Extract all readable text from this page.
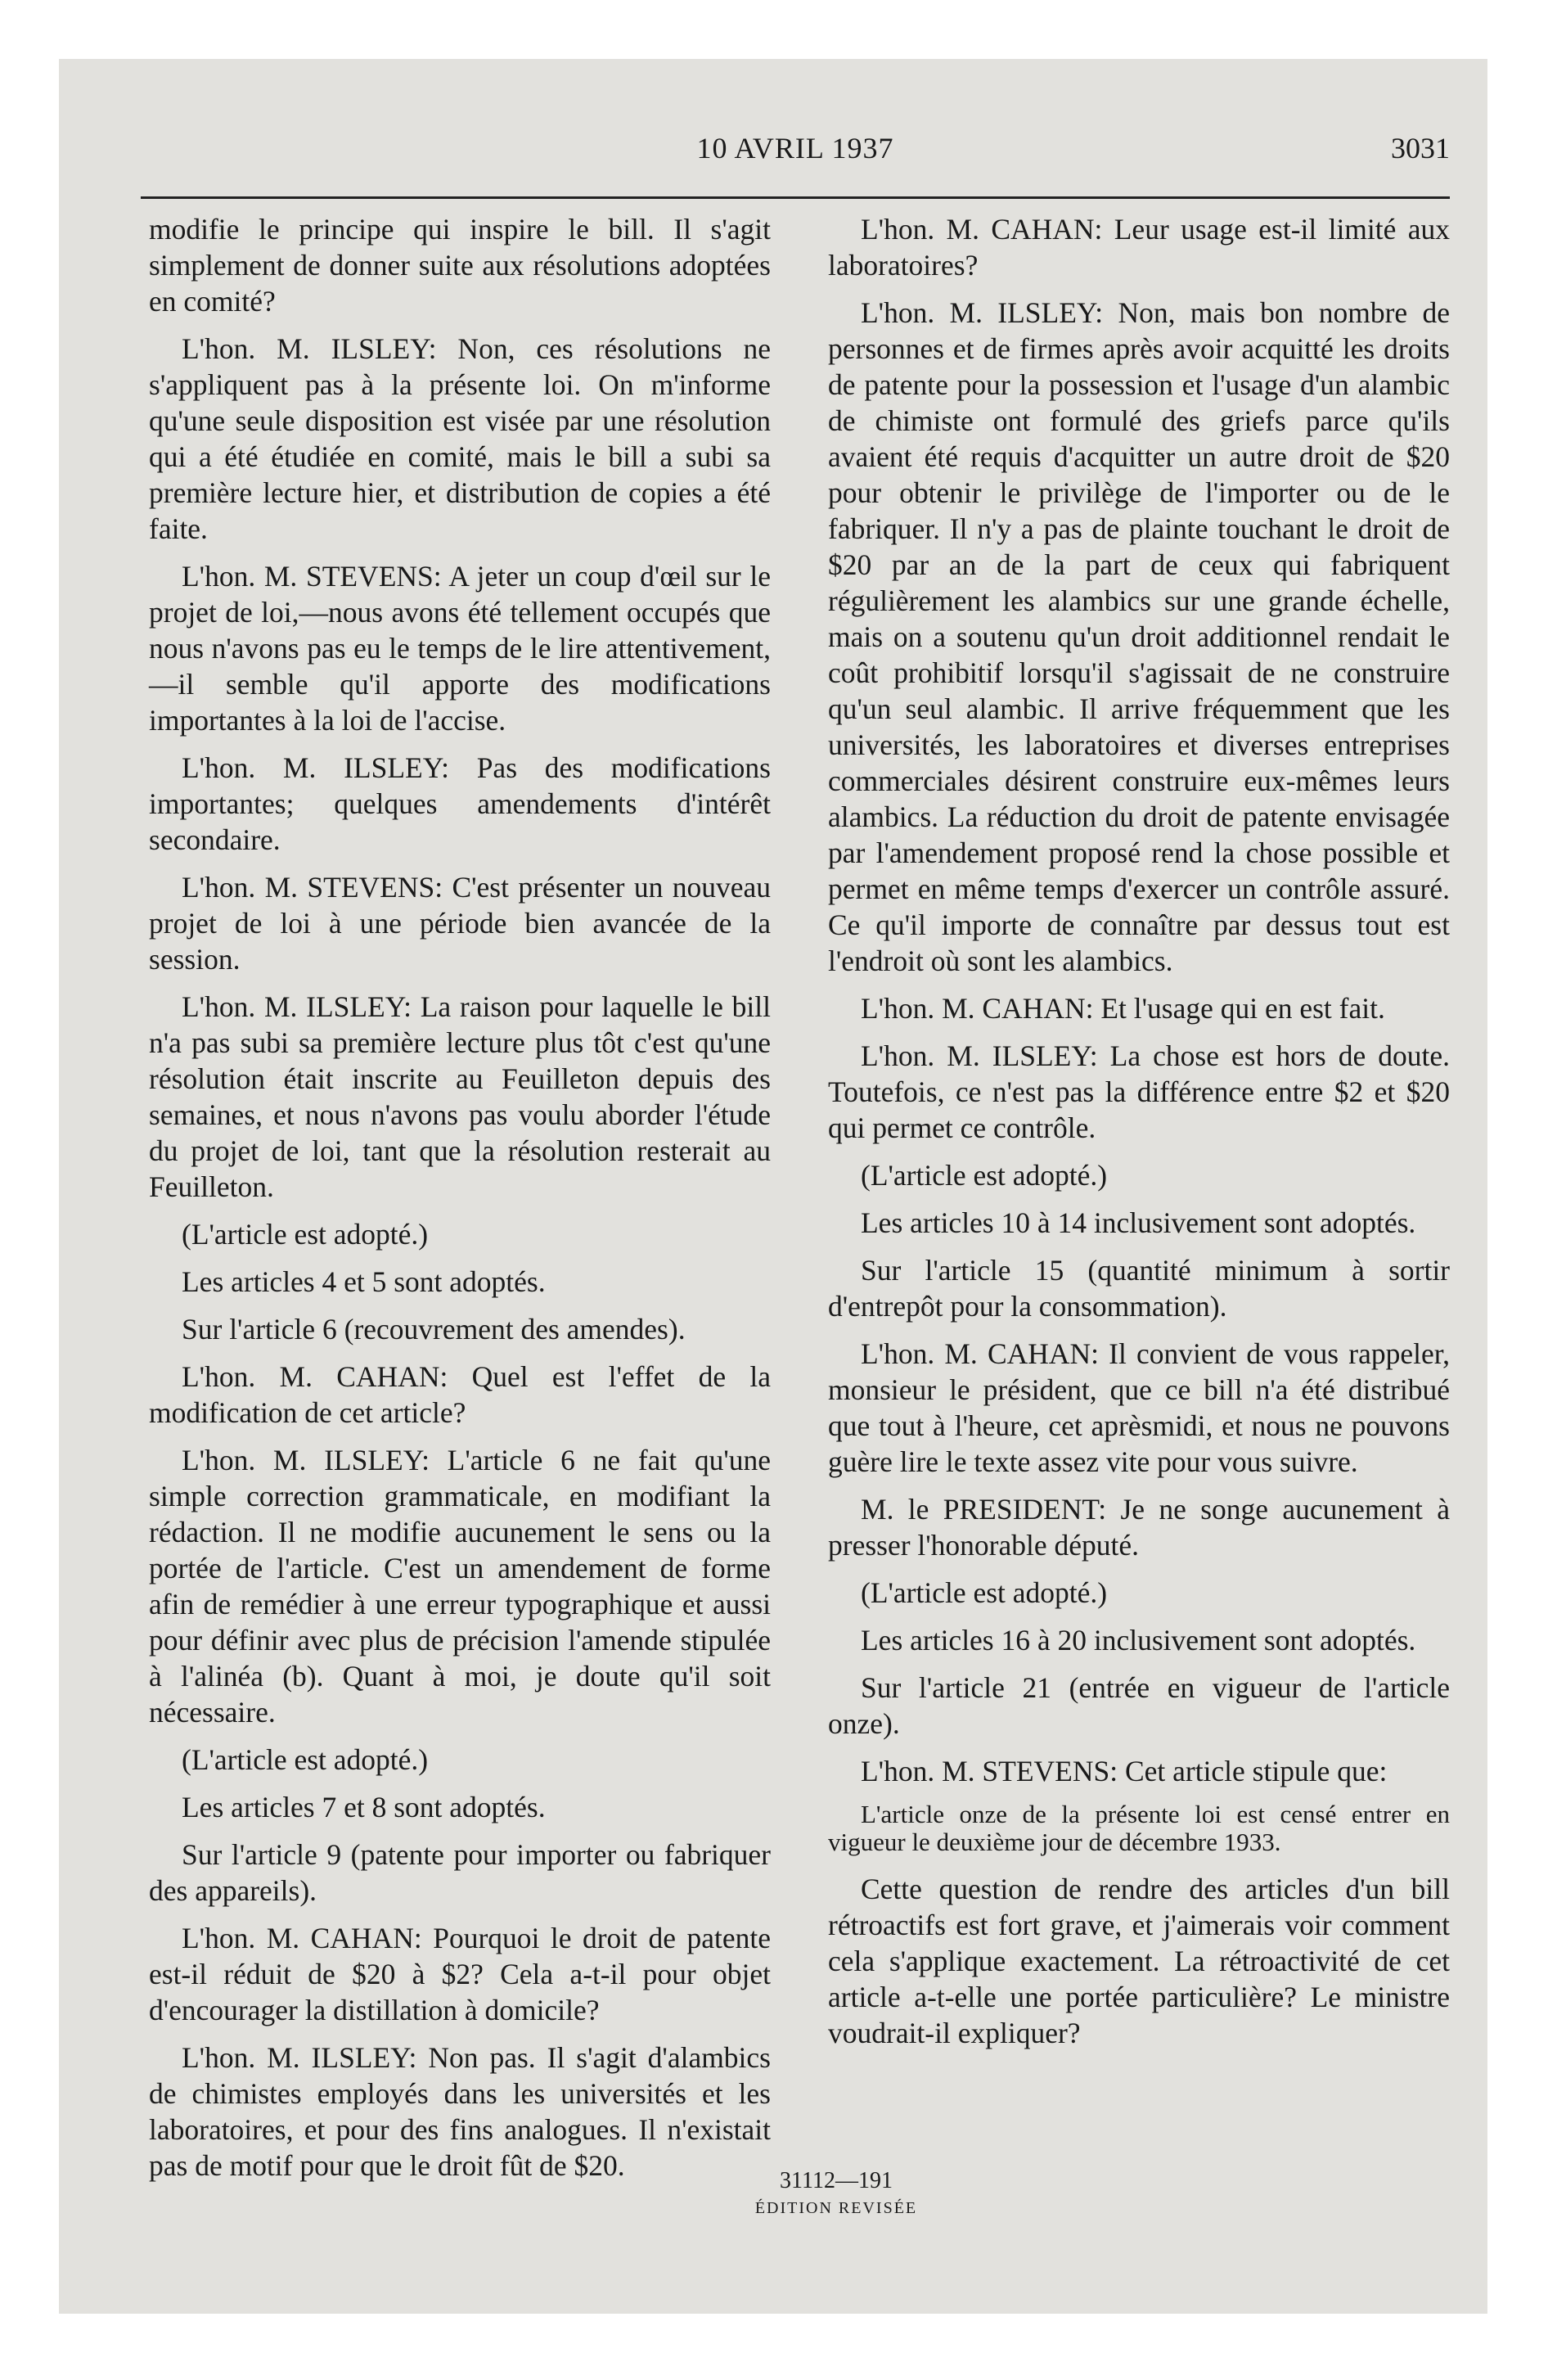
10 AVRIL 1937	3031

modifie le principe qui inspire le bill. Il s'agit simplement de donner suite aux résolutions adoptées en comité?

L'hon. M. ILSLEY: Non, ces résolutions ne s'appliquent pas à la présente loi. On m'informe qu'une seule disposition est visée par une résolution qui a été étudiée en comité, mais le bill a subi sa première lecture hier, et distribution de copies a été faite.

L'hon. M. STEVENS: A jeter un coup d'œil sur le projet de loi,—nous avons été tellement occupés que nous n'avons pas eu le temps de le lire attentivement,—il semble qu'il apporte des modifications importantes à la loi de l'accise.

L'hon. M. ILSLEY: Pas des modifications importantes; quelques amendements d'intérêt secondaire.

L'hon. M. STEVENS: C'est présenter un nouveau projet de loi à une période bien avancée de la session.

L'hon. M. ILSLEY: La raison pour laquelle le bill n'a pas subi sa première lecture plus tôt c'est qu'une résolution était inscrite au Feuilleton depuis des semaines, et nous n'avons pas voulu aborder l'étude du projet de loi, tant que la résolution resterait au Feuilleton.

(L'article est adopté.)

Les articles 4 et 5 sont adoptés.

Sur l'article 6 (recouvrement des amendes).

L'hon. M. CAHAN: Quel est l'effet de la modification de cet article?

L'hon. M. ILSLEY: L'article 6 ne fait qu'une simple correction grammaticale, en modifiant la rédaction. Il ne modifie aucunement le sens ou la portée de l'article. C'est un amendement de forme afin de remédier à une erreur typographique et aussi pour définir avec plus de précision l'amende stipulée à l'alinéa (b). Quant à moi, je doute qu'il soit nécessaire.

(L'article est adopté.)

Les articles 7 et 8 sont adoptés.

Sur l'article 9 (patente pour importer ou fabriquer des appareils).

L'hon. M. CAHAN: Pourquoi le droit de patente est-il réduit de $20 à $2? Cela a-t-il pour objet d'encourager la distillation à domicile?

L'hon. M. ILSLEY: Non pas. Il s'agit d'alambics de chimistes employés dans les universités et les laboratoires, et pour des fins analogues. Il n'existait pas de motif pour que le droit fût de $20.

L'hon. M. CAHAN: Leur usage est-il limité aux laboratoires?

L'hon. M. ILSLEY: Non, mais bon nombre de personnes et de firmes après avoir acquitté les droits de patente pour la possession et l'usage d'un alambic de chimiste ont formulé des griefs parce qu'ils avaient été requis d'acquitter un autre droit de $20 pour obtenir le privilège de l'importer ou de le fabriquer. Il n'y a pas de plainte touchant le droit de $20 par an de la part de ceux qui fabriquent régulièrement les alambics sur une grande échelle, mais on a soutenu qu'un droit additionnel rendait le coût prohibitif lorsqu'il s'agissait de ne construire qu'un seul alambic. Il arrive fréquemment que les universités, les laboratoires et diverses entreprises commerciales désirent construire eux-mêmes leurs alambics. La réduction du droit de patente envisagée par l'amendement proposé rend la chose possible et permet en même temps d'exercer un contrôle assuré. Ce qu'il importe de connaître par dessus tout est l'endroit où sont les alambics.

L'hon. M. CAHAN: Et l'usage qui en est fait.

L'hon. M. ILSLEY: La chose est hors de doute. Toutefois, ce n'est pas la différence entre $2 et $20 qui permet ce contrôle.

(L'article est adopté.)

Les articles 10 à 14 inclusivement sont adoptés.

Sur l'article 15 (quantité minimum à sortir d'entrepôt pour la consommation).

L'hon. M. CAHAN: Il convient de vous rappeler, monsieur le président, que ce bill n'a été distribué que tout à l'heure, cet aprèsmidi, et nous ne pouvons guère lire le texte assez vite pour vous suivre.

M. le PRESIDENT: Je ne songe aucunement à presser l'honorable député.

(L'article est adopté.)

Les articles 16 à 20 inclusivement sont adoptés.

Sur l'article 21 (entrée en vigueur de l'article onze).

L'hon. M. STEVENS: Cet article stipule que:

L'article onze de la présente loi est censé entrer en vigueur le deuxième jour de décembre 1933.

Cette question de rendre des articles d'un bill rétroactifs est fort grave, et j'aimerais voir comment cela s'applique exactement. La rétroactivité de cet article a-t-elle une portée particulière? Le ministre voudrait-il expliquer?

31112—191
ÉDITION REVISÉE
